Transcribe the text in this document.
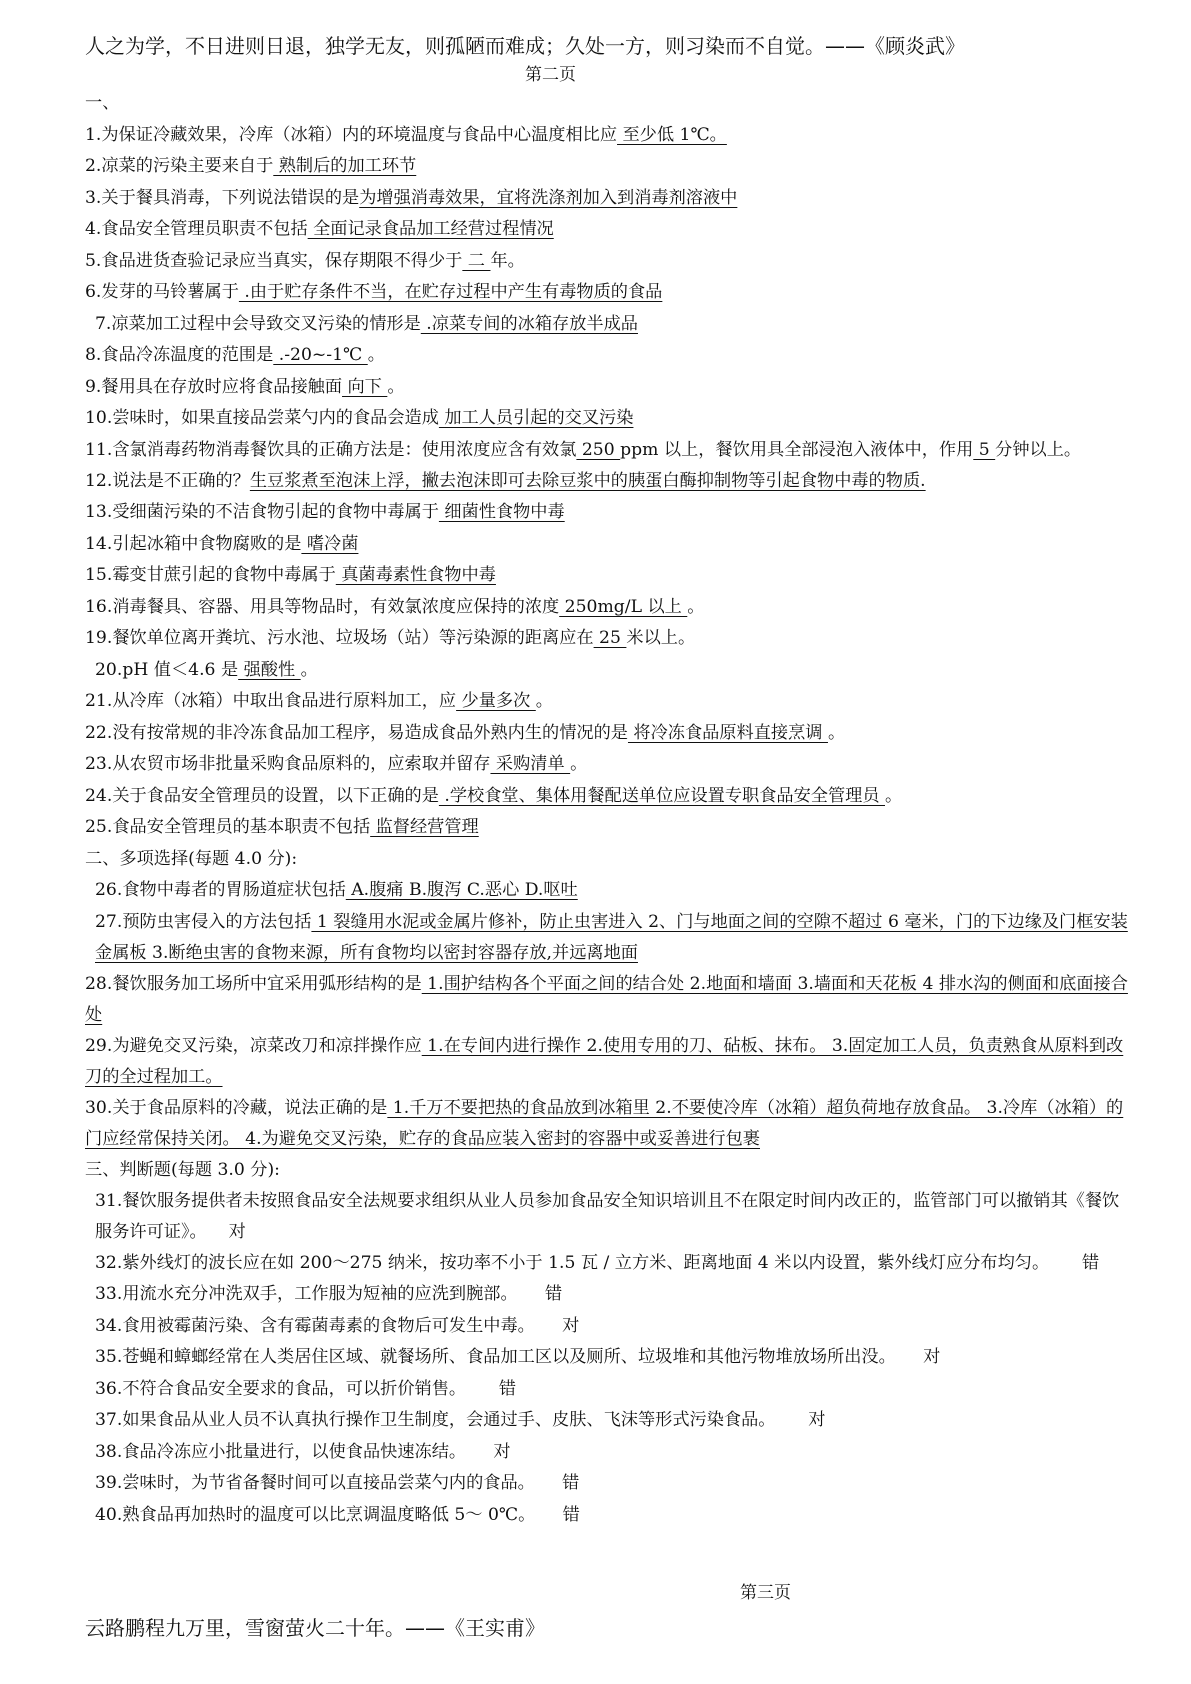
人之为学，不日进则日退，独学无友，则孤陋而难成；久处一方，则习染而不自觉。——《顾炎武》
第二页
一、
1.为保证冷藏效果，冷库（冰箱）内的环境温度与食品中心温度相比应 至少低 1℃。
2.凉菜的污染主要来自于 熟制后的加工环节
3.关于餐具消毒，下列说法错误的是为增强消毒效果，宜将洗涤剂加入到消毒剂溶液中
4.食品安全管理员职责不包括 全面记录食品加工经营过程情况
5.食品进货查验记录应当真实，保存期限不得少于 二 年。
6.发芽的马铃薯属于 .由于贮存条件不当，在贮存过程中产生有毒物质的食品
7.凉菜加工过程中会导致交叉污染的情形是 .凉菜专间的冰箱存放半成品
8.食品冷冻温度的范围是 .-20~-1℃ 。
9.餐用具在存放时应将食品接触面 向下 。
10.尝味时，如果直接品尝菜勺内的食品会造成 加工人员引起的交叉污染
11.含氯消毒药物消毒餐饮具的正确方法是：使用浓度应含有效氯 250 ppm 以上，餐饮用具全部浸泡入液体中，作用 5 分钟以上。
12.说法是不正确的？生豆浆煮至泡沫上浮，撇去泡沫即可去除豆浆中的胰蛋白酶抑制物等引起食物中毒的物质.
13.受细菌污染的不洁食物引起的食物中毒属于 细菌性食物中毒
14.引起冰箱中食物腐败的是 嗜冷菌
15.霉变甘蔗引起的食物中毒属于 真菌毒素性食物中毒
16.消毒餐具、容器、用具等物品时，有效氯浓度应保持的浓度 250mg/L 以上 。
19.餐饮单位离开粪坑、污水池、垃圾场（站）等污染源的距离应在 25 米以上。
20.pH 值＜4.6 是 强酸性 。
21.从冷库（冰箱）中取出食品进行原料加工，应 少量多次 。
22.没有按常规的非冷冻食品加工程序，易造成食品外熟内生的情况的是 将冷冻食品原料直接烹调 。
23.从农贸市场非批量采购食品原料的，应索取并留存 采购清单 。
24.关于食品安全管理员的设置，以下正确的是 .学校食堂、集体用餐配送单位应设置专职食品安全管理员 。
25.食品安全管理员的基本职责不包括 监督经营管理
二、多项选择(每题 4.0 分):
26.食物中毒者的胃肠道症状包括 A.腹痛 B.腹泻 C.恶心 D.呕吐
27.预防虫害侵入的方法包括 1 裂缝用水泥或金属片修补，防止虫害进入 2、门与地面之间的空隙不超过 6 毫米，门的下边缘及门框安装金属板 3.断绝虫害的食物来源，所有食物均以密封容器存放,并远离地面
28.餐饮服务加工场所中宜采用弧形结构的是 1.围护结构各个平面之间的结合处 2.地面和墙面 3.墙面和天花板 4 排水沟的侧面和底面接合处
29.为避免交叉污染，凉菜改刀和凉拌操作应 1.在专间内进行操作 2.使用专用的刀、砧板、抹布。 3.固定加工人员，负责熟食从原料到改刀的全过程加工。
30.关于食品原料的冷藏，说法正确的是 1.千万不要把热的食品放到冰箱里 2.不要使冷库（冰箱）超负荷地存放食品。 3.冷库（冰箱）的门应经常保持关闭。 4.为避免交叉污染，贮存的食品应装入密封的容器中或妥善进行包裹
三、判断题(每题 3.0 分):
31.餐饮服务提供者未按照食品安全法规要求组织从业人员参加食品安全知识培训且不在限定时间内改正的，监管部门可以撤销其《餐饮服务许可证》。 对
32.紫外线灯的波长应在如 200～275 纳米，按功率不小于 1.5 瓦 / 立方米、距离地面 4 米以内设置，紫外线灯应分布均匀。 错
33.用流水充分冲洗双手，工作服为短袖的应洗到腕部。 错
34.食用被霉菌污染、含有霉菌毒素的食物后可发生中毒。 对
35.苍蝇和蟑螂经常在人类居住区域、就餐场所、食品加工区以及厕所、垃圾堆和其他污物堆放场所出没。 对
36.不符合食品安全要求的食品，可以折价销售。 错
37.如果食品从业人员不认真执行操作卫生制度，会通过手、皮肤、飞沫等形式污染食品。 对
38.食品冷冻应小批量进行，以使食品快速冻结。 对
39.尝味时，为节省备餐时间可以直接品尝菜勺内的食品。 错
40.熟食品再加热时的温度可以比烹调温度略低 5～ 0℃。 错
第三页
云路鹏程九万里，雪窗萤火二十年。——《王实甫》
